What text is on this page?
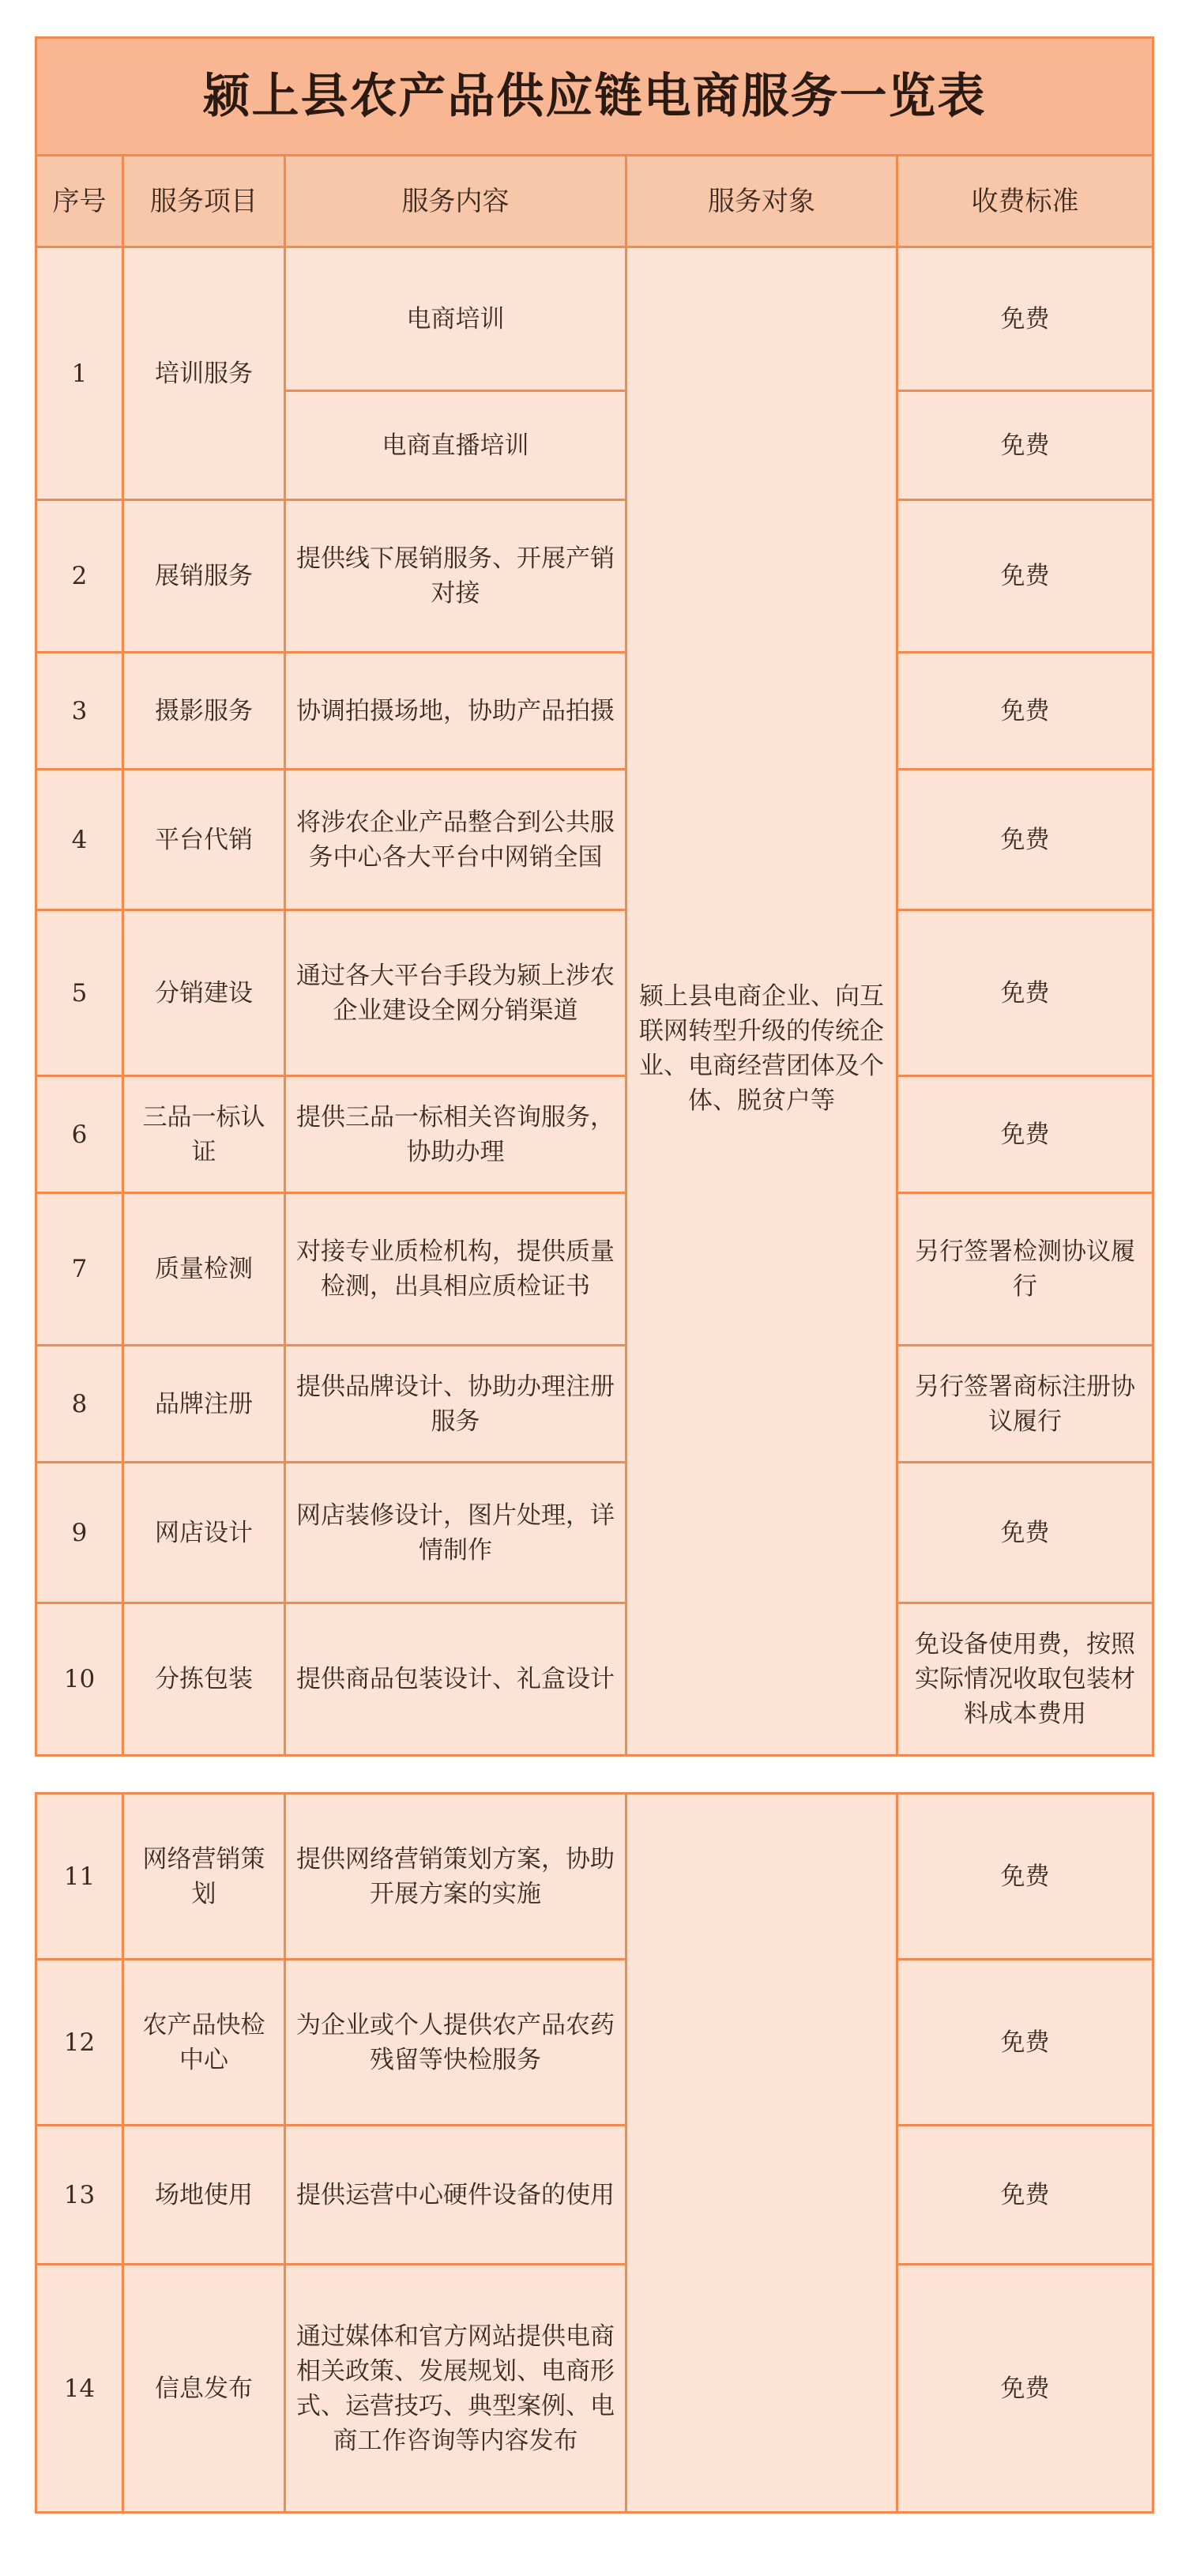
颍上县农产品供应链电商服务一览表				
序号	服务项目	服务内容	服务对象	收费标准
1	培训服务	电商培训	颍上县电商企业、向互联网转型升级的传统企业、电商经营团体及个体、脱贫户等	免费
		电商直播培训		免费
2	展销服务	提供线下展销服务、开展产销对接		免费
3	摄影服务	协调拍摄场地，协助产品拍摄		免费
4	平台代销	将涉农企业产品整合到公共服务中心各大平台中网销全国		免费
5	分销建设	通过各大平台手段为颍上涉农企业建设全网分销渠道		免费
6	三品一标认证	提供三品一标相关咨询服务，协助办理		免费
7	质量检测	对接专业质检机构，提供质量检测，出具相应质检证书		另行签署检测协议履行
8	品牌注册	提供品牌设计、协助办理注册服务		另行签署商标注册协议履行
9	网店设计	网店装修设计，图片处理，详情制作		免费
10	分拣包装	提供商品包装设计、礼盒设计		免设备使用费，按照实际情况收取包装材料成本费用
11	网络营销策划	提供网络营销策划方案，协助开展方案的实施		免费
12	农产品快检中心	为企业或个人提供农产品农药残留等快检服务		免费
13	场地使用	提供运营中心硬件设备的使用		免费
14	信息发布	通过媒体和官方网站提供电商相关政策、发展规划、电商形式、运营技巧、典型案例、电商工作咨询等内容发布		免费
